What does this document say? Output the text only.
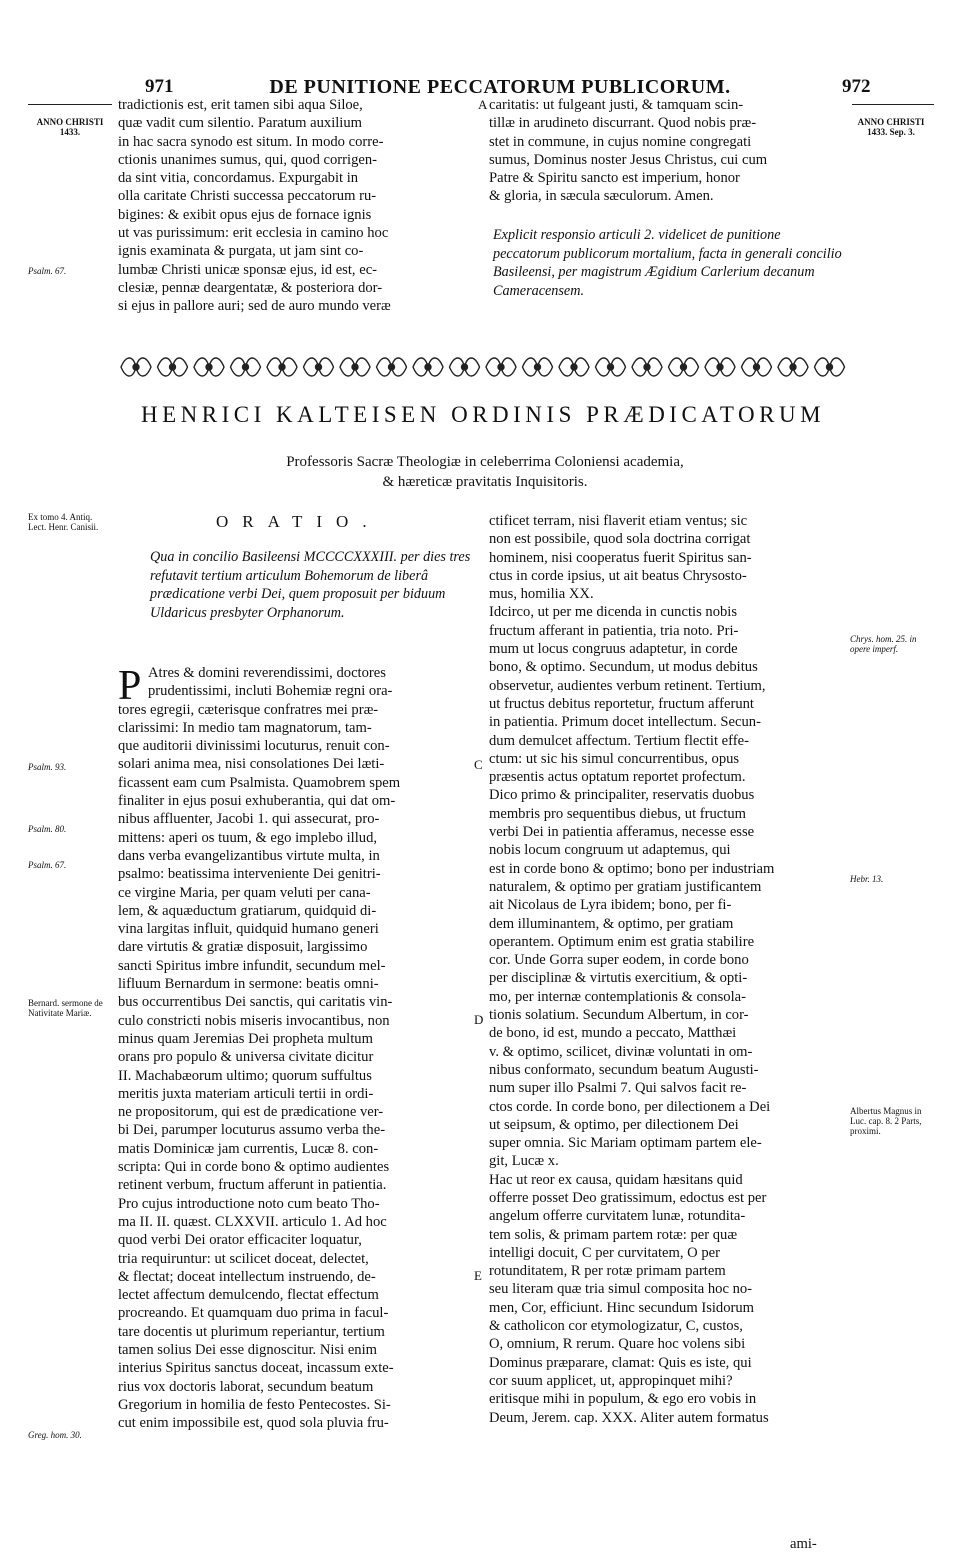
971	DE PUNITIONE PECCATORUM PUBLICORUM.	972
tradictionis est, erit tamen sibi aqua Siloe,
quæ vadit cum silentio. Paratum auxilium
in hac sacra synodo est situm. In modo corre-
ctionis unanimes sumus, qui, quod corrigen-
da sint vitia, concordamus. Expurgabit in
olla caritate Christi successa peccatorum ru-
bigines: & exibit opus ejus de fornace ignis
ut vas purissimum: erit ecclesia in camino hoc
ignis examinata & purgata, ut jam sint co-
lumbæ Christi unicæ sponsæ ejus, id est, ec-
clesiæ, pennæ deargentatæ, & posteriora dor-
si ejus in pallore auri; sed de auro mundo veræ
caritatis: ut fulgeant justi, & tamquam scin-
tillæ in arudineto discurrant. Quod nobis præ-
stet in commune, in cujus nomine congregati
sumus, Dominus noster Jesus Christus, cui cum
Patre & Spiritu sancto est imperium, honor
& gloria, in sæcula sæculorum. Amen.
Explicit responsio articuli 2. videlicet de punitione peccatorum publicorum mortalium, facta in generali concilio Basileensi, per magistrum Ægidium Carlerium decanum Cameracensem.
HENRICI KALTEISEN ORDINIS PRÆDICATORUM
Professoris Sacræ Theologiæ in celeberrima Coloniensi academia,
& hæreticæ pravitatis Inquisitoris.
ORATIO.
Qua in concilio Basileensi MCCCCXXXIII. per dies tres refutavit tertium articulum Bohemorum de liberâ prædicatione verbi Dei, quem proposuit per biduum Uldaricus presbyter Orphanorum.
P Atres & domini reverendissimi, doctores
prudentissimi, incluti Bohemiæ regni ora-
tores egregii, cæterisque confratres mei præ-
clarissimi: In medio tam magnatorum, tam-
que auditorii divinissimi locuturus, renuit con-
solari anima mea, nisi consolationes Dei læti-
ficassent eam cum Psalmista. Quamobrem spem
finaliter in ejus posui exhuberantia, qui dat om-
nibus affluenter, Jacobi 1. qui assecurat, pro-
mittens: aperi os tuum, & ego implebo illud,
dans verba evangelizantibus virtute multa, in
psalmo: beatissima interveniente Dei genitri-
ce virgine Maria, per quam veluti per cana-
lem, & aquæductum gratiarum, quidquid di-
vina largitas influit, quidquid humano generi
dare virtutis & gratiæ disposuit, largissimo
sancti Spiritus imbre infundit, secundum mel-
lifluum Bernardum in sermone: beatis omni-
bus occurrentibus Dei sanctis, qui caritatis vin-
culo constricti nobis miseris invocantibus, non
minus quam Jeremias Dei propheta multum
orans pro populo & universa civitate dicitur
II. Machabæorum ultimo; quorum suffultus
meritis juxta materiam articuli tertii in ordi-
ne propositorum, qui est de prædicatione ver-
bi Dei, parumper locuturus assumo verba the-
matis Dominicæ jam currentis, Lucæ 8. con-
scripta: Qui in corde bono & optimo audientes
retinent verbum, fructum afferunt in patientia.
Pro cujus introductione noto cum beato Tho-
ma II. II. quæst. CLXXVII. articulo 1. Ad hoc
quod verbi Dei orator efficaciter loquatur,
tria requiruntur: ut scilicet doceat, delectet,
& flectat; doceat intellectum instruendo, de-
lectet affectum demulcendo, flectat effectum
procreando. Et quamquam duo prima in facul-
tare docentis ut plurimum reperiantur, tertium
tamen solius Dei esse dignoscitur. Nisi enim
interius Spiritus sanctus doceat, incassum exte-
rius vox doctoris laborat, secundum beatum
Gregorium in homilia de festo Pentecostes. Si-
cut enim impossibile est, quod sola pluvia fru-
ctificet terram, nisi flaverit etiam ventus; sic
non est possibile, quod sola doctrina corrigat
hominem, nisi cooperatus fuerit Spiritus san-
ctus in corde ipsius, ut ait beatus Chrysosto-
mus, homilia XX.
Idcirco, ut per me dicenda in cunctis nobis
fructum afferant in patientia, tria noto. Pri-
mum ut locus congruus adaptetur, in corde
bono, & optimo. Secundum, ut modus debitus
observetur, audientes verbum retinent. Tertium,
ut fructus debitus reportetur, fructum afferunt
in patientia. Primum docet intellectum. Secun-
dum demulcet affectum. Tertium flectit effe-
ctum: ut sic his simul concurrentibus, opus
præsentis actus optatum reportet profectum.
Dico primo & principaliter, reservatis duobus
membris pro sequentibus diebus, ut fructum
verbi Dei in patientia afferamus, necesse esse
nobis locum congruum ut adaptemus, qui
est in corde bono & optimo; bono per industriam
naturalem, & optimo per gratiam justificantem
ait Nicolaus de Lyra ibidem; bono, per fi-
dem illuminantem, & optimo, per gratiam
operantem. Optimum enim est gratia stabilire
cor. Unde Gorra super eodem, in corde bono
per disciplinæ & virtutis exercitium, & opti-
mo, per internæ contemplationis & consola-
tionis solatium. Secundum Albertum, in cor-
de bono, id est, mundo a peccato, Matthæi
v. & optimo, scilicet, divinæ voluntati in om-
nibus conformato, secundum beatum Augusti-
num super illo Psalmi 7. Qui salvos facit re-
ctos corde. In corde bono, per dilectionem a Dei
ut seipsum, & optimo, per dilectionem Dei
super omnia. Sic Mariam optimam partem ele-
git, Lucæ x.
Hac ut reor ex causa, quidam hæsitans quid
offerre posset Deo gratissimum, edoctus est per
angelum offerre curvitatem lunæ, rotundita-
tem solis, & primam partem rotæ: per quæ
intelligi docuit, C per curvitatem, O per
rotunditatem, R per rotæ primam partem
seu literam quæ tria simul composita hoc no-
men, Cor, efficiunt. Hinc secundum Isidorum
& catholicon cor etymologizatur, C, custos,
O, omnium, R rerum. Quare hoc volens sibi
Dominus præparare, clamat: Quis es iste, qui
cor suum applicet, ut, appropinquet mihi?
eritisque mihi in populum, & ego ero vobis in
Deum, Jerem. cap. XXX. Aliter autem formatus
ami-
A
C
D
E
ANNO CHRISTI 1433.
Psalm. 67.
Ex tomo 4. Antiq. Lect. Henr. Canisii.
Psalm. 93.
Psalm. 80.
Psalm. 67.
Bernard. sermone de Nativitate Mariæ.
Greg. hom. 30.
ANNO CHRISTI 1433. Sep. 3.
Chrys. hom. 25. in opere imperf.
Hebr. 13.
Albertus Magnus in Luc. cap. 8. 2 Parts, proximi.
